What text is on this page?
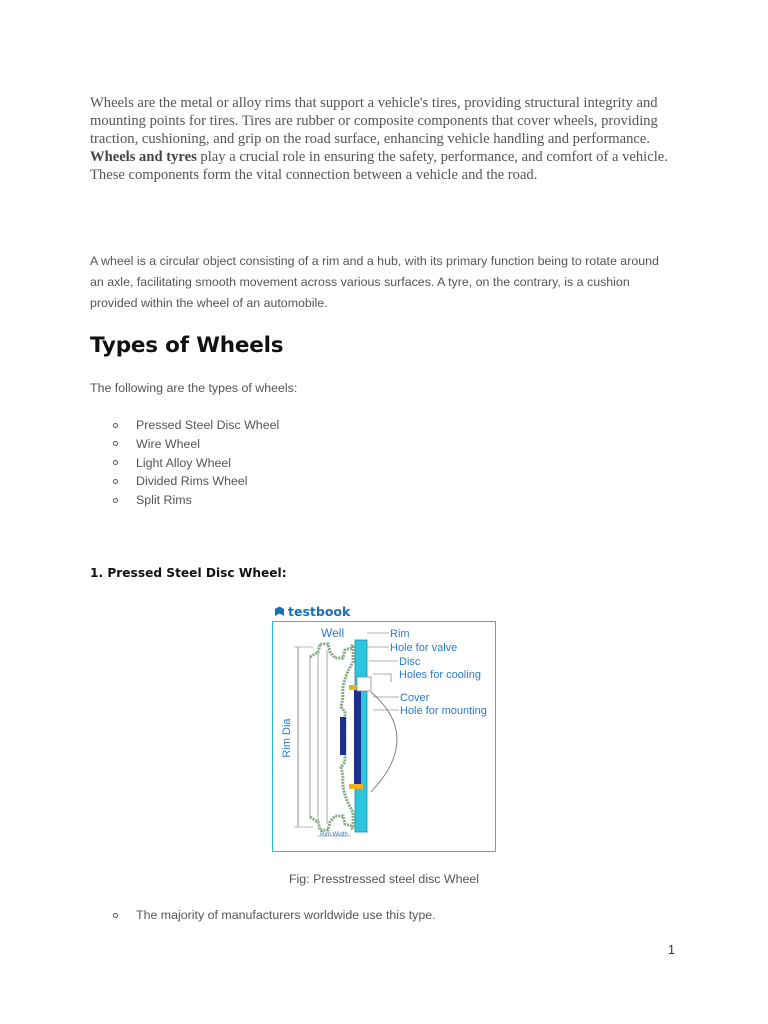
Wheels are the metal or alloy rims that support a vehicle's tires, providing structural integrity and mounting points for tires. Tires are rubber or composite components that cover wheels, providing traction, cushioning, and grip on the road surface, enhancing vehicle handling and performance. Wheels and tyres play a crucial role in ensuring the safety, performance, and comfort of a vehicle. These components form the vital connection between a vehicle and the road.

A wheel is a circular object consisting of a rim and a hub, with its primary function being to rotate around an axle, facilitating smooth movement across various surfaces. A tyre, on the contrary, is a cushion provided within the wheel of an automobile.

Types of Wheels

The following are the types of wheels:

Pressed Steel Disc Wheel
Wire Wheel
Light Alloy Wheel
Divided Rims Wheel
Split Rims
1. Pressed Steel Disc Wheel:
testbook
Rim Dia
Rim Width
Well	Rim
Hole for valve
Disc
Holes for cooling
Cover
Hole for mounting

Fig: Presstressed steel disc Wheel

The majority of manufacturers worldwide use this type.
1
